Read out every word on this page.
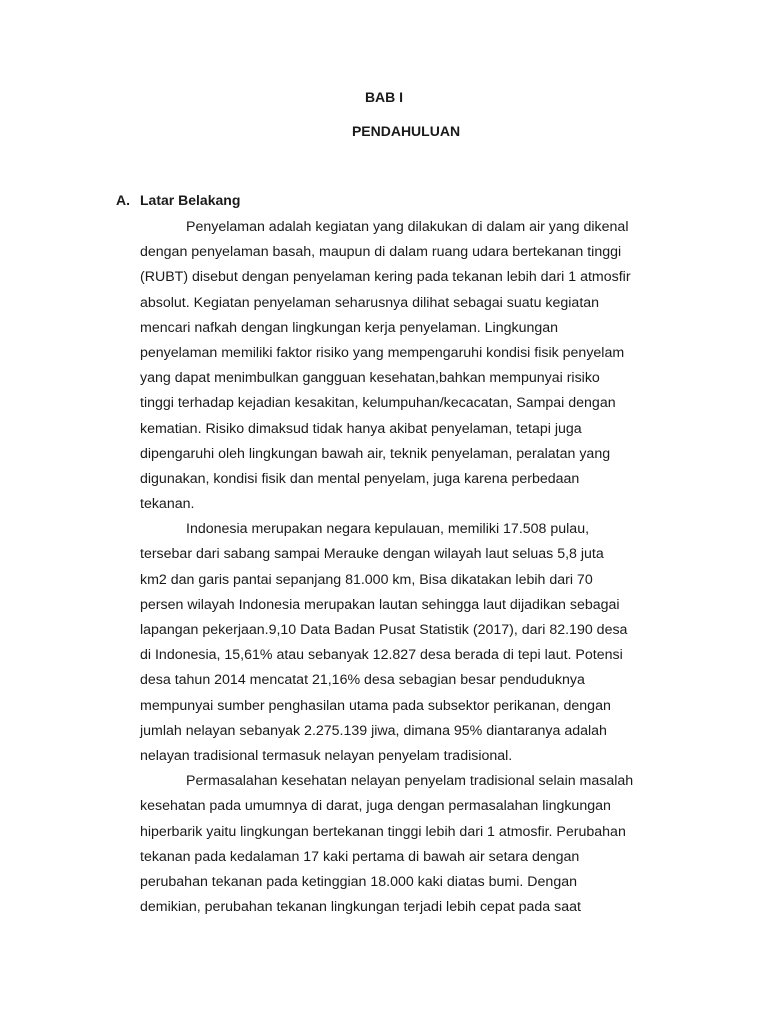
BAB I
PENDAHULUAN
A. Latar Belakang
Penyelaman adalah kegiatan yang dilakukan di dalam air yang dikenal
dengan penyelaman basah, maupun di dalam ruang udara bertekanan tinggi
(RUBT) disebut dengan penyelaman kering pada tekanan lebih dari 1 atmosfir
absolut. Kegiatan penyelaman seharusnya dilihat sebagai suatu kegiatan
mencari nafkah dengan lingkungan kerja penyelaman. Lingkungan
penyelaman memiliki faktor risiko yang mempengaruhi kondisi fisik penyelam
yang dapat menimbulkan gangguan kesehatan,bahkan mempunyai risiko
tinggi terhadap kejadian kesakitan, kelumpuhan/kecacatan, Sampai dengan
kematian. Risiko dimaksud tidak hanya akibat penyelaman, tetapi juga
dipengaruhi oleh lingkungan bawah air, teknik penyelaman, peralatan yang
digunakan, kondisi fisik dan mental penyelam, juga karena perbedaan
tekanan.
Indonesia merupakan negara kepulauan, memiliki 17.508 pulau,
tersebar dari sabang sampai Merauke dengan wilayah laut seluas 5,8 juta
km2 dan garis pantai sepanjang 81.000 km, Bisa dikatakan lebih dari 70
persen wilayah Indonesia merupakan lautan sehingga laut dijadikan sebagai
lapangan pekerjaan.9,10 Data Badan Pusat Statistik (2017), dari 82.190 desa
di Indonesia, 15,61% atau sebanyak 12.827 desa berada di tepi laut. Potensi
desa tahun 2014 mencatat 21,16% desa sebagian besar penduduknya
mempunyai sumber penghasilan utama pada subsektor perikanan, dengan
jumlah nelayan sebanyak 2.275.139 jiwa, dimana 95% diantaranya adalah
nelayan tradisional termasuk nelayan penyelam tradisional.
Permasalahan kesehatan nelayan penyelam tradisional selain masalah
kesehatan pada umumnya di darat, juga dengan permasalahan lingkungan
hiperbarik yaitu lingkungan bertekanan tinggi lebih dari 1 atmosfir. Perubahan
tekanan pada kedalaman 17 kaki pertama di bawah air setara dengan
perubahan tekanan pada ketinggian 18.000 kaki diatas bumi. Dengan
demikian, perubahan tekanan lingkungan terjadi lebih cepat pada saat
